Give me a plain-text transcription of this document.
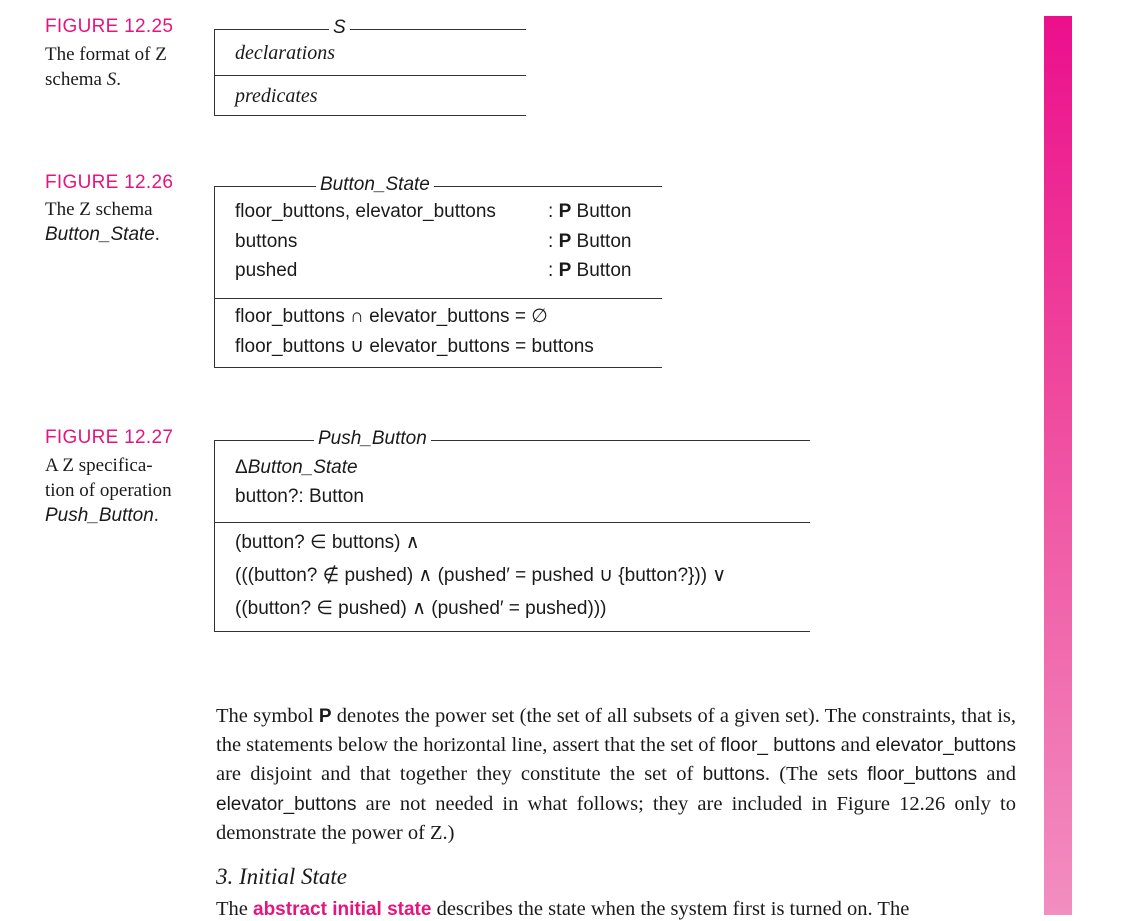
FIGURE 12.25
The format of Z
schema S.
S
declarations
predicates
FIGURE 12.26
The Z schema
Button_State.
Button_State
floor_buttons, elevator_buttons	: P Button
buttons	: P Button
pushed	: P Button
floor_buttons ∩ elevator_buttons = ∅
floor_buttons ∪ elevator_buttons = buttons
FIGURE 12.27
A Z specifica-
tion of operation
Push_Button.
Push_Button
ΔButton_State
button?: Button
(button? ∈ buttons) ∧
(((button? ∉ pushed) ∧ (pushed′ = pushed ∪ {button?})) ∨
((button? ∈ pushed) ∧ (pushed′ = pushed)))
The symbol P denotes the power set (the set of all subsets of a given set). The constraints, that is, the statements below the horizontal line, assert that the set of floor_ buttons and elevator_buttons are disjoint and that together they constitute the set of buttons. (The sets floor_buttons and elevator_buttons are not needed in what follows; they are included in Figure 12.26 only to demonstrate the power of Z.)
3. Initial State
The abstract initial state describes the state when the system first is turned on. The
